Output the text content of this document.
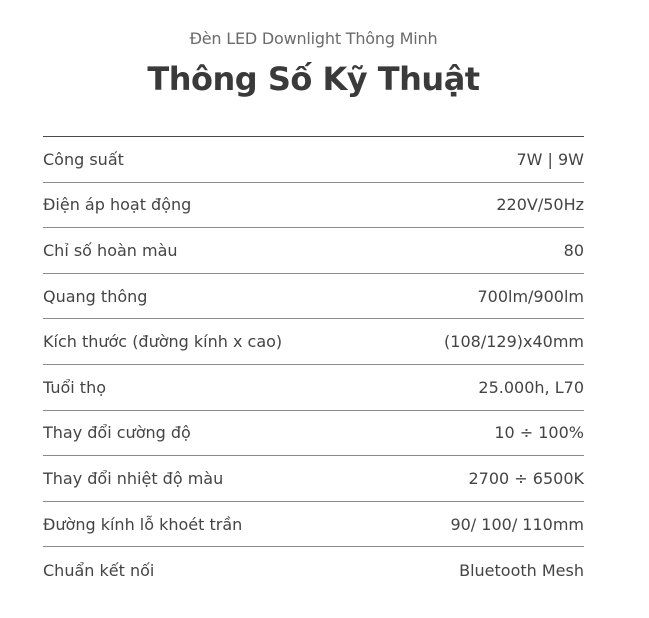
Đèn LED Downlight Thông Minh
Thông Số Kỹ Thuật
Công suất	7W | 9W
Điện áp hoạt động	220V/50Hz
Chỉ số hoàn màu	80
Quang thông	700lm/900lm
Kích thước (đường kính x cao)	(108/129)x40mm
Tuổi thọ	25.000h, L70
Thay đổi cường độ	10 ÷ 100%
Thay đổi nhiệt độ màu	2700 ÷ 6500K
Đường kính lỗ khoét trần	90/ 100/ 110mm
Chuẩn kết nối	Bluetooth Mesh
